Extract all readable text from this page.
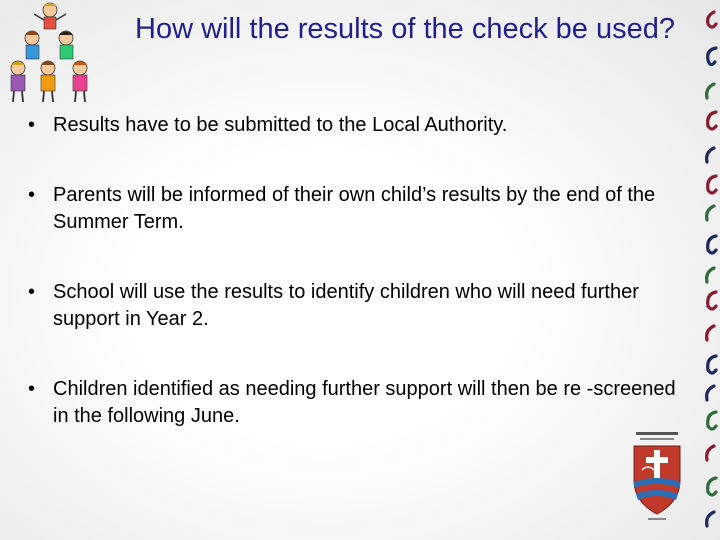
How will the results of the check be used?
• Results have to be submitted to the Local Authority.
• Parents will be informed of their own child’s results by the end of the Summer Term.
• School will use the results to identify children who will need further support in Year 2.
• Children identified as needing further support will then be re -screened in the following June.
